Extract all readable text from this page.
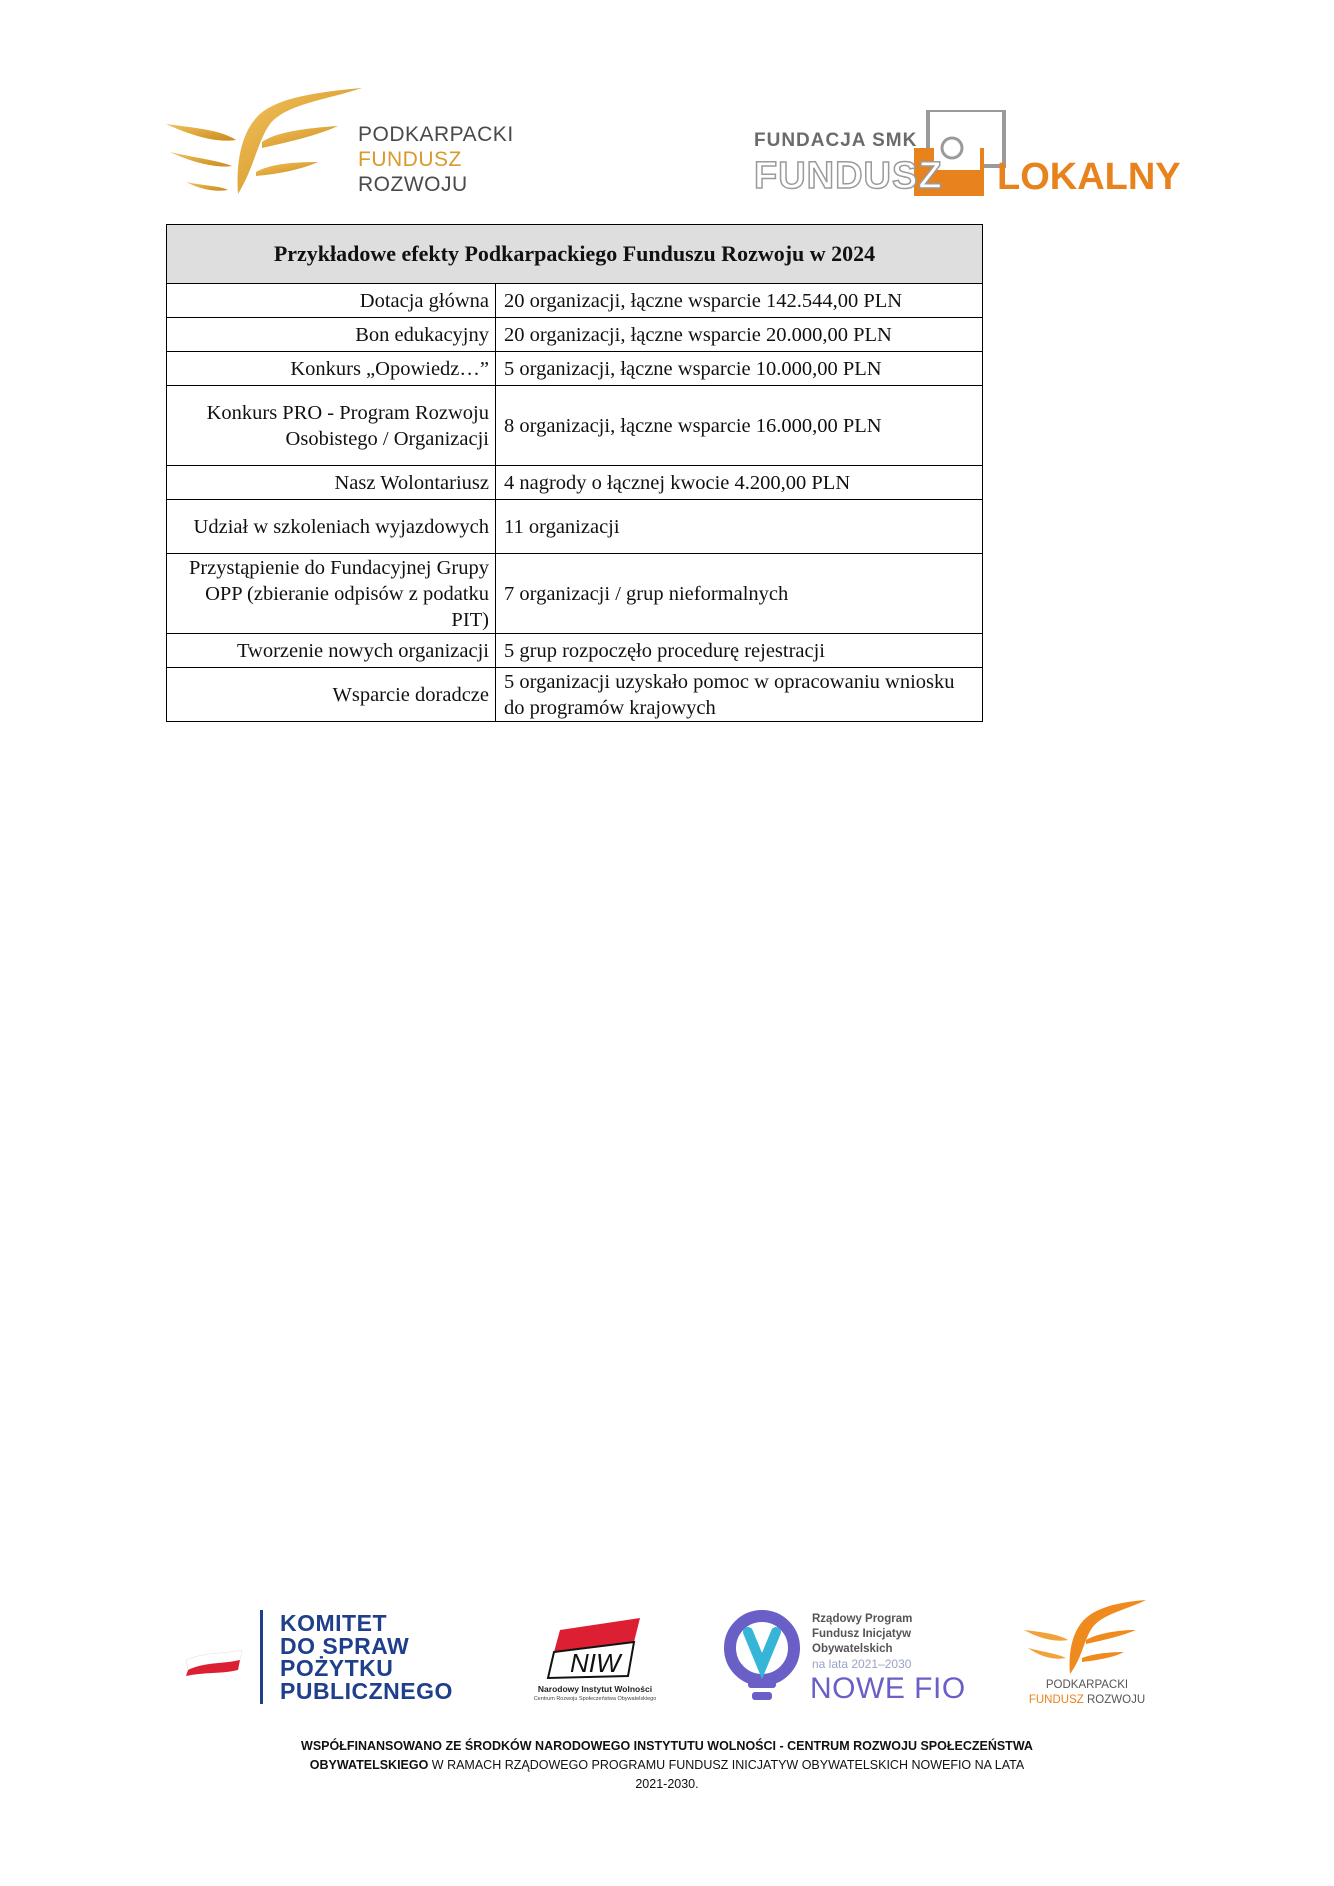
PODKARPACKI
FUNDUSZ
ROZWOJU
FUNDACJA SMK
FUNDUSZ LOKALNY
Przykładowe efekty Podkarpackiego Funduszu Rozwoju w 2024	
Dotacja główna	20 organizacji, łączne wsparcie 142.544,00 PLN
Bon edukacyjny	20 organizacji, łączne wsparcie 20.000,00 PLN
Konkurs „Opowiedz…”	5 organizacji, łączne wsparcie 10.000,00 PLN
Konkurs PRO - Program Rozwoju Osobistego / Organizacji	8 organizacji, łączne wsparcie 16.000,00 PLN
Nasz Wolontariusz	4 nagrody o łącznej kwocie 4.200,00 PLN
Udział w szkoleniach wyjazdowych	11 organizacji
Przystąpienie do Fundacyjnej Grupy OPP (zbieranie odpisów z podatku PIT)	7 organizacji / grup nieformalnych
Tworzenie nowych organizacji	5 grup rozpoczęło procedurę rejestracji
Wsparcie doradcze	5 organizacji uzyskało pomoc w opracowaniu wniosku do programów krajowych
KOMITET
DO SPRAW
POŻYTKU
PUBLICZNEGO
NIW
Narodowy Instytut Wolności
Centrum Rozwoju Społeczeństwa Obywatelskiego
Rządowy Program
Fundusz Inicjatyw
Obywatelskich
na lata 2021–2030
NOWE FIO	PODKARPACKI
FUNDUSZ ROZWOJU
WSPÓŁFINANSOWANO ZE ŚRODKÓW NARODOWEGO INSTYTUTU WOLNOŚCI - CENTRUM ROZWOJU SPOŁECZEŃSTWA OBYWATELSKIEGO W RAMACH RZĄDOWEGO PROGRAMU FUNDUSZ INICJATYW OBYWATELSKICH NOWEFIO NA LATA 2021-2030.
